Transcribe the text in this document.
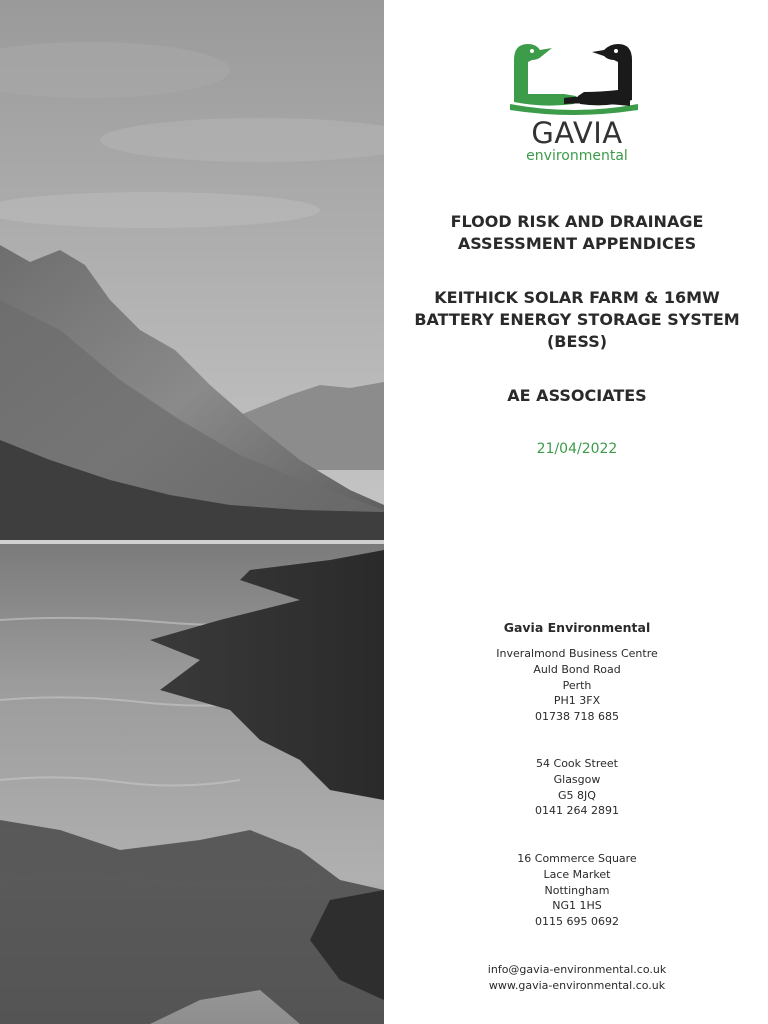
GAVIA
environmental
FLOOD RISK AND DRAINAGE
ASSESSMENT APPENDICES
KEITHICK SOLAR FARM & 16MW
BATTERY ENERGY STORAGE SYSTEM
(BESS)
AE ASSOCIATES
21/04/2022
Gavia Environmental
Inveralmond Business Centre
Auld Bond Road
Perth
PH1 3FX
01738 718 685
54 Cook Street
Glasgow
G5 8JQ
0141 264 2891
16 Commerce Square
Lace Market
Nottingham
NG1 1HS
0115 695 0692
info@gavia-environmental.co.uk
www.gavia-environmental.co.uk
